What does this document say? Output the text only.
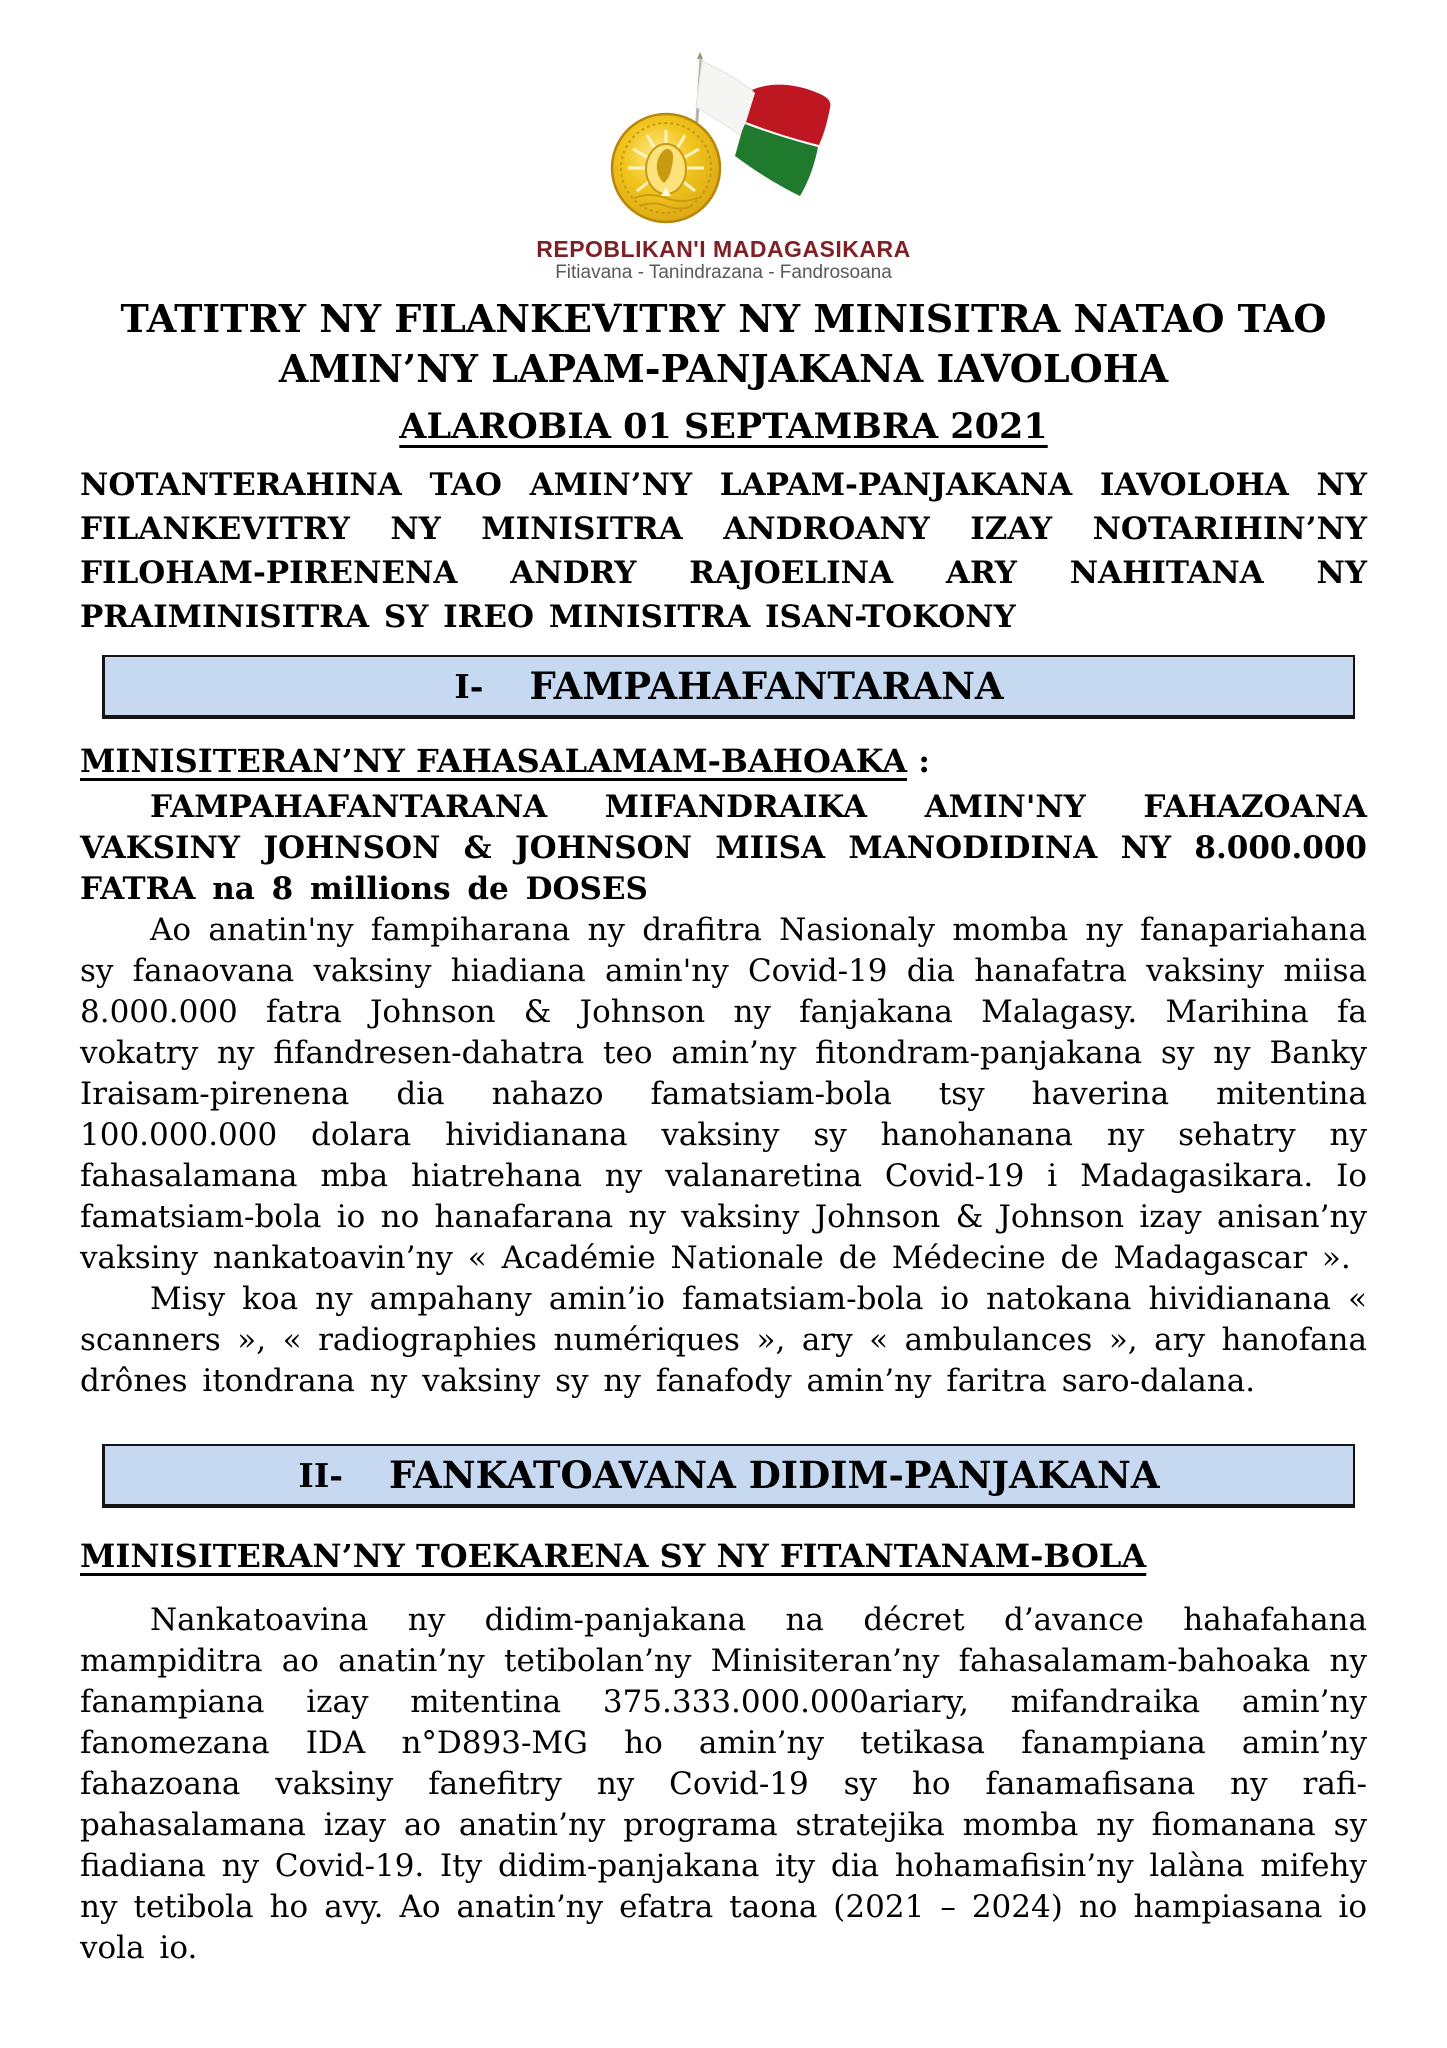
REPOBLIKAN'I MADAGASIKARA
Fitiavana - Tanindrazana - Fandrosoana
TATITRY NY FILANKEVITRY NY MINISITRA NATAO TAO
AMIN’NY LAPAM-PANJAKANA IAVOLOHA
ALAROBIA 01 SEPTAMBRA 2021

NOTANTERAHINA TAO AMIN’NY LAPAM-PANJAKANA IAVOLOHA NY FILANKEVITRY NY MINISITRA ANDROANY IZAY NOTARIHIN’NY FILOHAM-PIRENENA ANDRY RAJOELINA ARY NAHITANA NY PRAIMINISITRA SY IREO MINISITRA ISAN-TOKONY

I- FAMPAHAFANTARANA
MINISITERAN’NY FAHASALAMAM-BAHOAKA :

FAMPAHAFANTARANA MIFANDRAIKA AMIN'NY FAHAZOANA VAKSINY JOHNSON & JOHNSON MIISA MANODIDINA NY 8.000.000 FATRA na 8 millions de DOSES

Ao anatin'ny fampiharana ny drafitra Nasionaly momba ny fanapariahana sy fanaovana vaksiny hiadiana amin'ny Covid-19 dia hanafatra vaksiny miisa 8.000.000 fatra Johnson & Johnson ny fanjakana Malagasy. Marihina fa vokatry ny fifandresen-dahatra teo amin’ny fitondram-panjakana sy ny Banky Iraisam-pirenena dia nahazo famatsiam-bola tsy haverina mitentina 100.000.000 dolara hividianana vaksiny sy hanohanana ny sehatry ny fahasalamana mba hiatrehana ny valanaretina Covid-19 i Madagasikara. Io famatsiam-bola io no hanafarana ny vaksiny Johnson & Johnson izay anisan’ny vaksiny nankatoavin’ny « Académie Nationale de Médecine de Madagascar ».

Misy koa ny ampahany amin’io famatsiam-bola io natokana hividianana « scanners », « radiographies numériques », ary « ambulances », ary hanofana drônes itondrana ny vaksiny sy ny fanafody amin’ny faritra saro-dalana.

II- FANKATOAVANA DIDIM-PANJAKANA
MINISITERAN’NY TOEKARENA SY NY FITANTANAM-BOLA

Nankatoavina ny didim-panjakana na décret d’avance hahafahana mampiditra ao anatin’ny tetibolan’ny Minisiteran’ny fahasalamam-bahoaka ny fanampiana izay mitentina 375.333.000.000ariary, mifandraika amin’ny fanomezana IDA n°D893-MG ho amin’ny tetikasa fanampiana amin’ny fahazoana vaksiny fanefitry ny Covid-19 sy ho fanamafisana ny rafi-pahasalamana izay ao anatin’ny programa stratejika momba ny fiomanana sy fiadiana ny Covid-19. Ity didim-panjakana ity dia hohamafisin’ny lalàna mifehy ny tetibola ho avy. Ao anatin’ny efatra taona (2021 – 2024) no hampiasana io vola io.
